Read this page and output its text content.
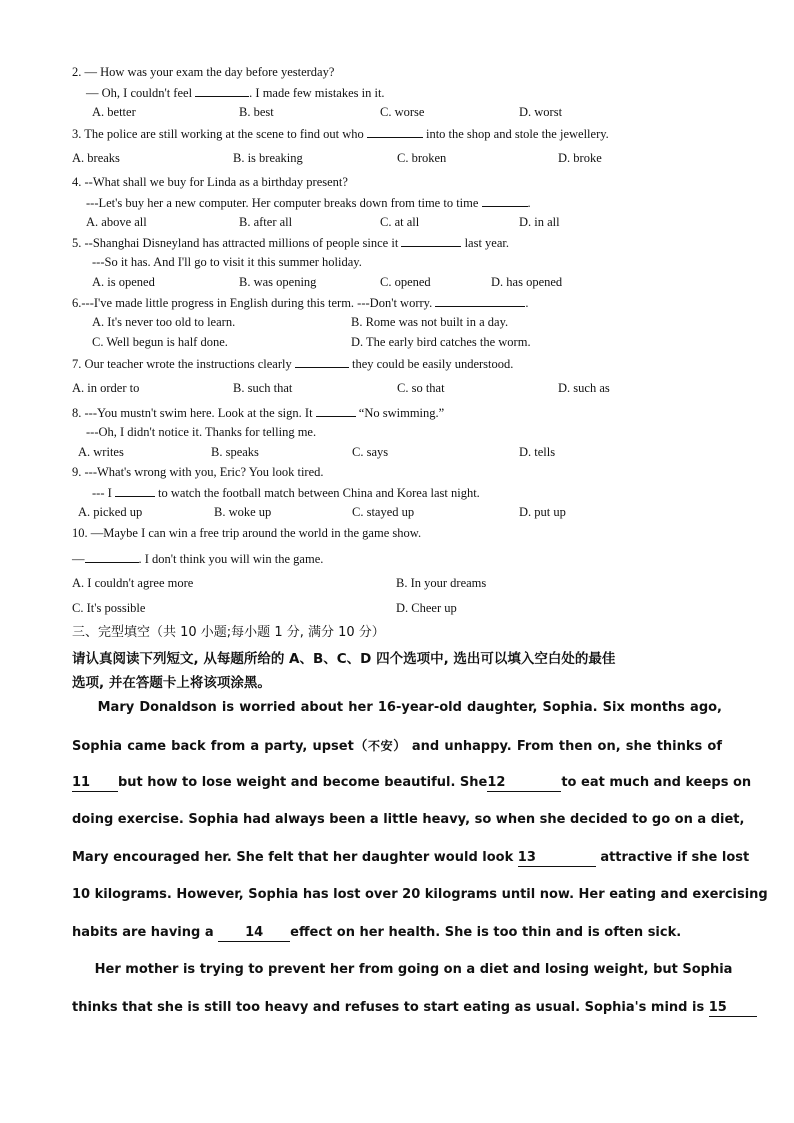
2. — How was your exam the day before yesterday?
— Oh, I couldn't feel	. I made few mistakes in it.
A. better	B. best	C. worse	D. worst
3. The police are still working at the scene to find out who	into the shop and stole the jewellery.
A. breaks	B. is breaking	C. broken	D. broke
4. --What shall we buy for Linda as a birthday present?
---Let's buy her a new computer. Her computer breaks down from time to time	.
A. above all	B. after all	C. at all	D. in all
5. --Shanghai Disneyland has attracted millions of people since it	last year.
---So it has. And I'll go to visit it this summer holiday.
A. is opened	B. was opening	C. opened	D. has opened
6.---I've made little progress in English during this term. ---Don't worry.	.
A. It's never too old to learn.	B. Rome was not built in a day.
C. Well begun is half done.	D. The early bird catches the worm.
7. Our teacher wrote the instructions clearly	they could be easily understood.
A. in order to	B. such that	C. so that	D. such as
8. ---You mustn't swim here. Look at the sign. It	“No swimming.”
---Oh, I didn't notice it. Thanks for telling me.
A. writes	B. speaks	C. says	D. tells
9. ---What's wrong with you, Eric? You look tired.
--- I	to watch the football match between China and Korea last night.
A. picked up	B. woke up	C. stayed up	D. put up
10. —Maybe I can win a free trip around the world in the game show.
—	. I don't think you will win the game.
A. I couldn't agree more	B. In your dreams
C. It's possible	D. Cheer up
三、完型填空（共 10 小题;每小题 1 分, 满分 10 分）
请认真阅读下列短文, 从每题所给的 A、B、C、D 四个选项中, 选出可以填入空白处的最佳
选项, 并在答题卡上将该项涂黑。
Mary Donaldson is worried about her 16-year-old daughter, Sophia. Six months ago,
Sophia came back from a party, upset（不安） and unhappy. From then on, she thinks of
11 but how to lose weight and become beautiful. She12	to eat much and keeps on
doing exercise. Sophia had always been a little heavy, so when she decided to go on a diet,
Mary encouraged her. She felt that her daughter would look 13	attractive if she lost
10 kilograms. However, Sophia has lost over 20 kilograms until now. Her eating and exercising
habits are having a 14 effect on her health. She is too thin and is often sick.
Her mother is trying to prevent her from going on a diet and losing weight, but Sophia
thinks that she is still too heavy and refuses to start eating as usual. Sophia's mind is 15
